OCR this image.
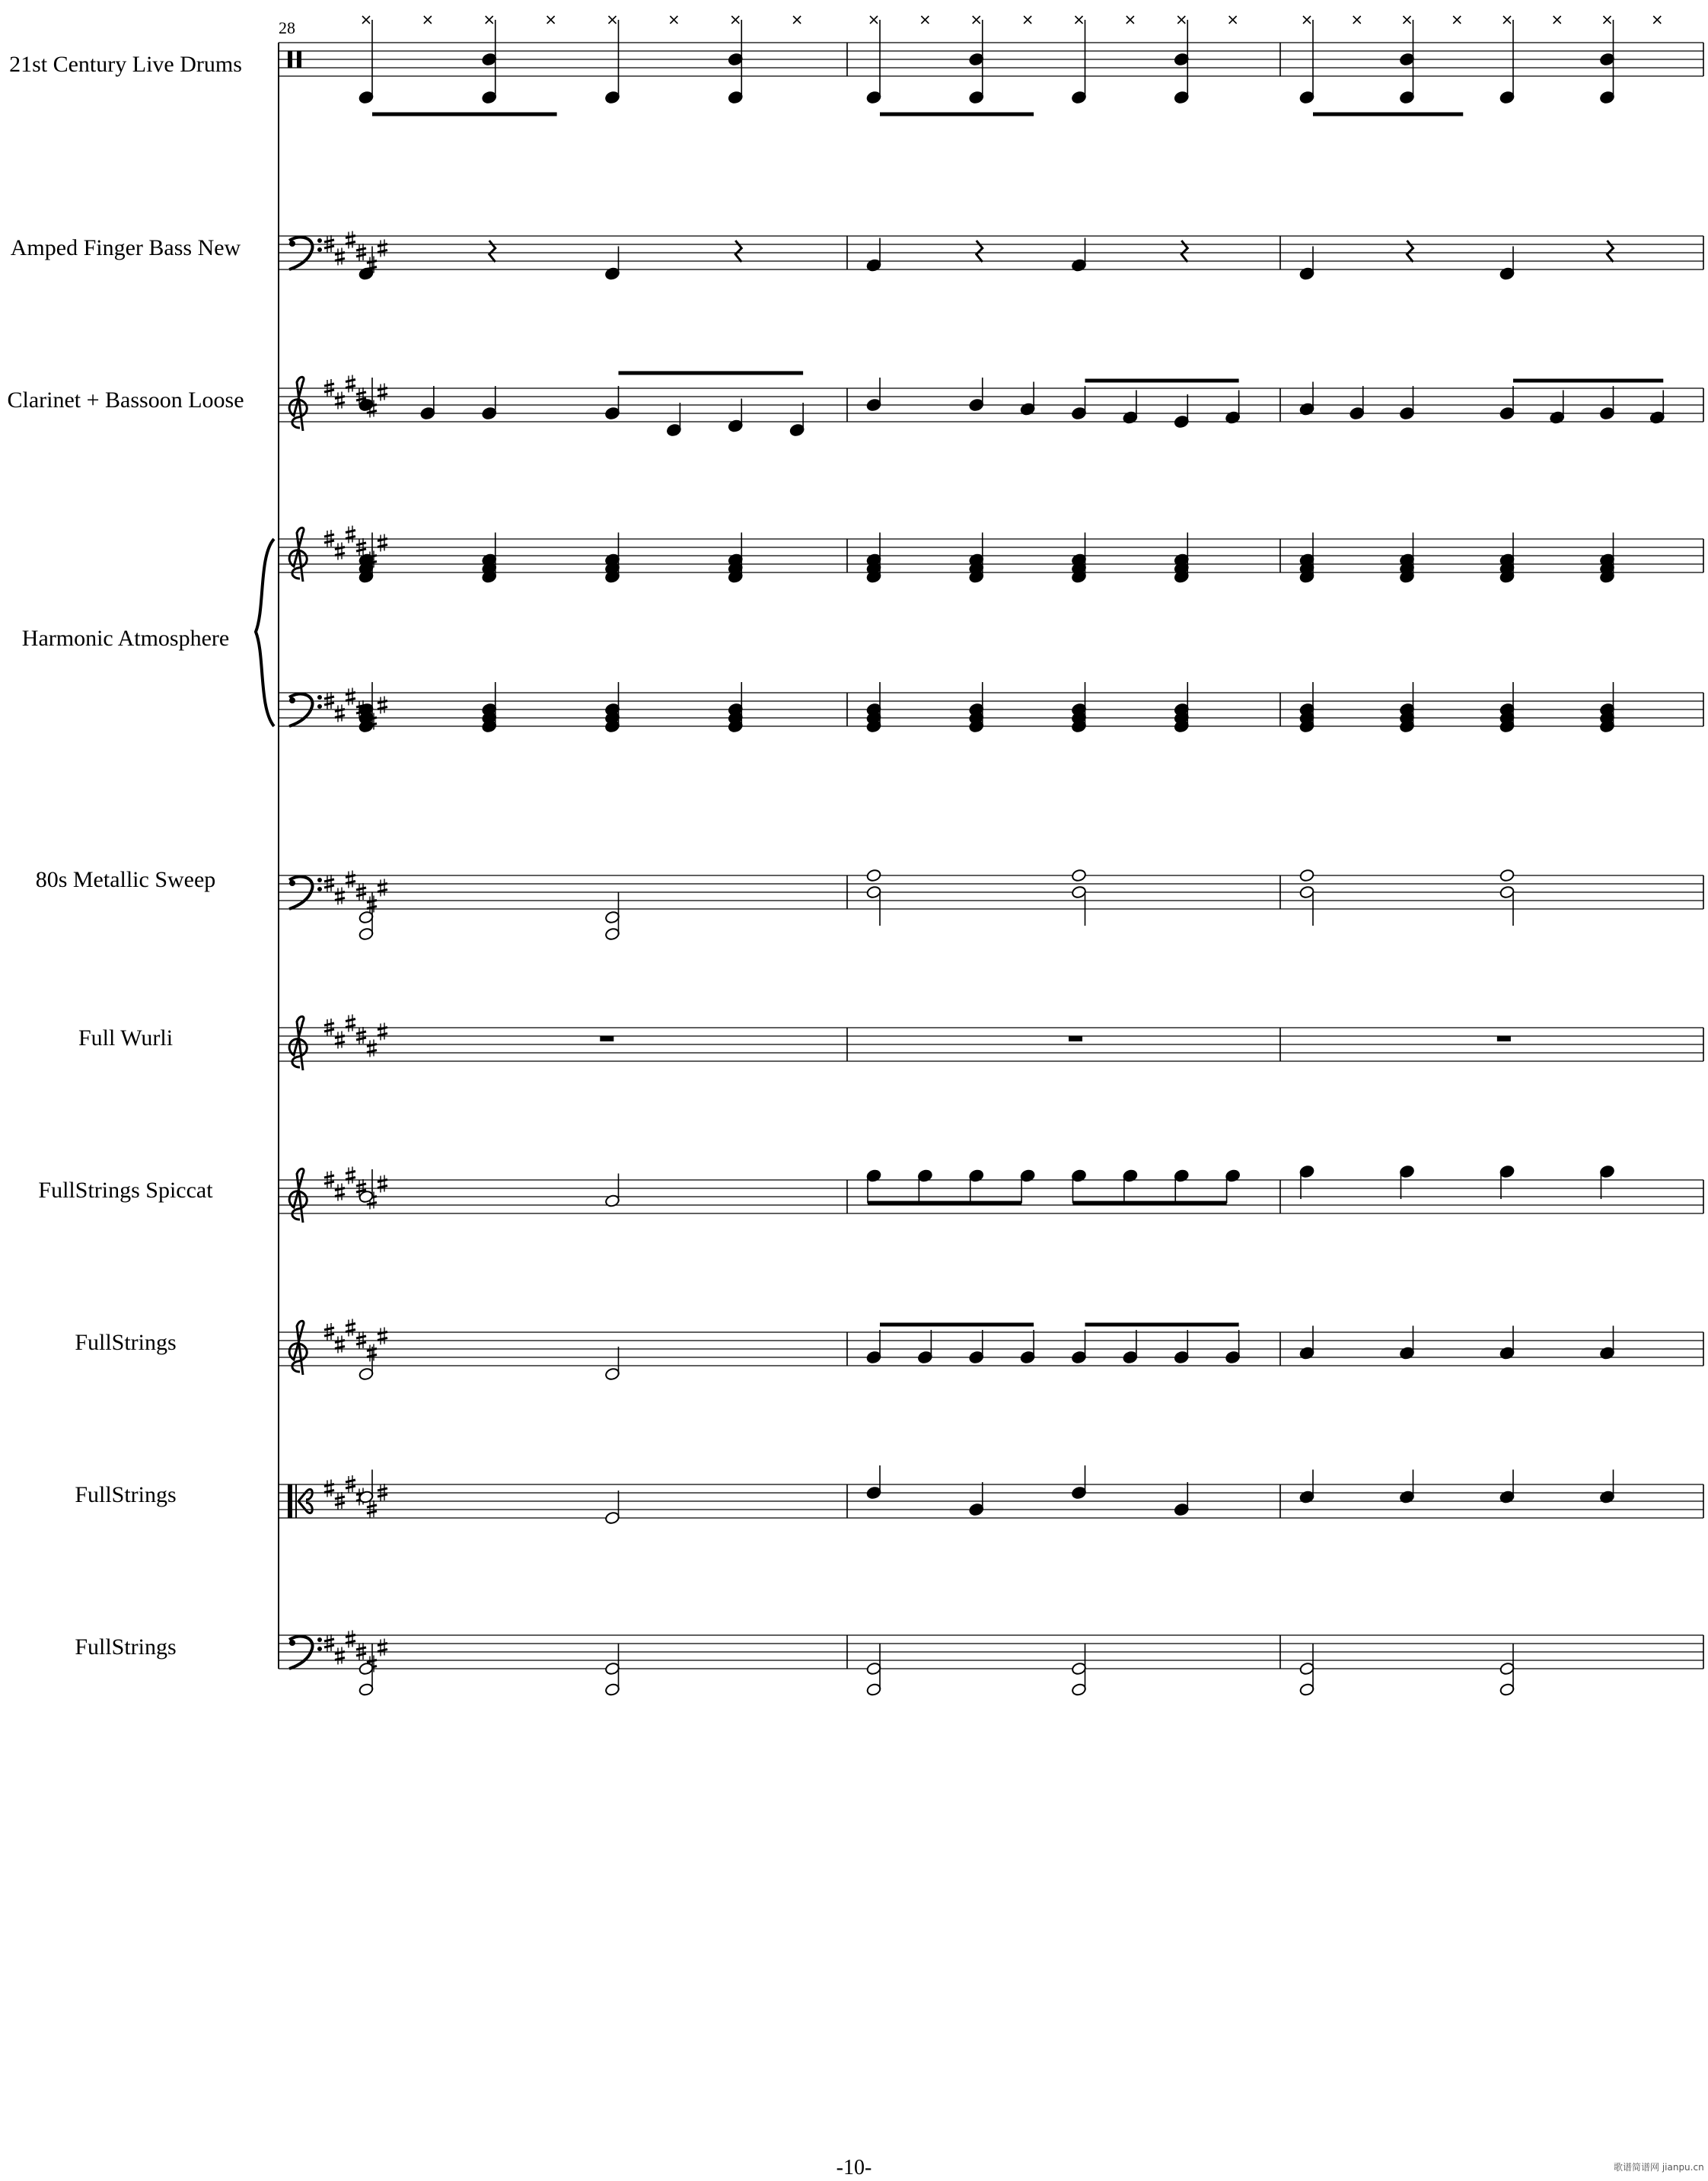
21st Century Live Drums
Amped Finger Bass New
Clarinet + Bassoon Loose
Harmonic Atmosphere
80s Metallic Sweep
Full Wurli
FullStrings Spiccat
FullStrings
FullStrings
FullStrings
28
-10-	歌谱简谱网 jianpu.cn
